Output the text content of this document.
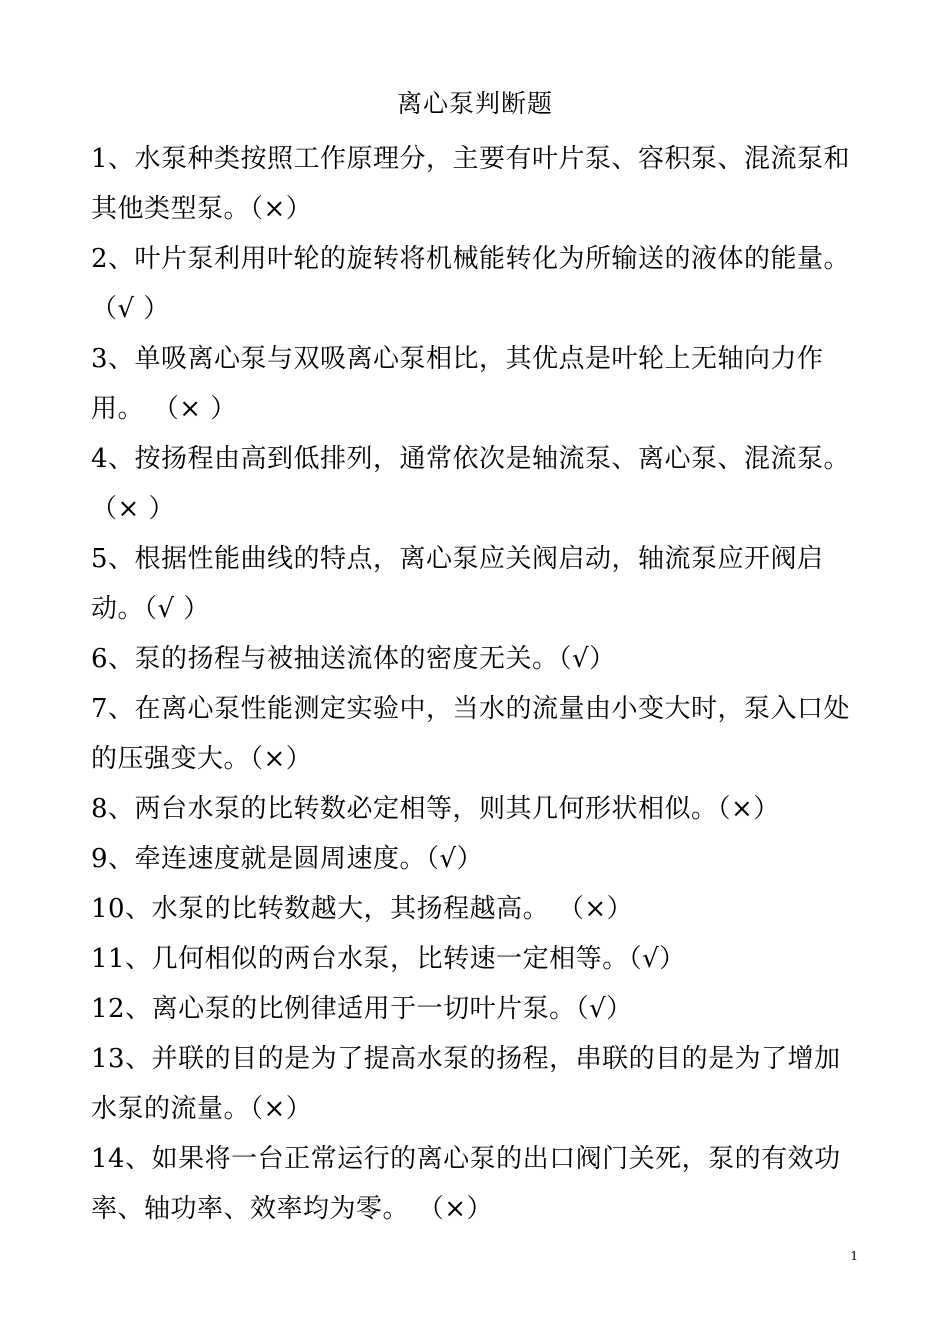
离心泵判断题

1、水泵种类按照工作原理分，主要有叶片泵、容积泵、混流泵和其他类型泵。（×）

2、叶片泵利用叶轮的旋转将机械能转化为所输送的液体的能量。（√ ）

3、单吸离心泵与双吸离心泵相比，其优点是叶轮上无轴向力作用。 （× ）

4、按扬程由高到低排列，通常依次是轴流泵、离心泵、混流泵。（× ）

5、根据性能曲线的特点，离心泵应关阀启动，轴流泵应开阀启动。（√ ）

6、泵的扬程与被抽送流体的密度无关。（√）

7、在离心泵性能测定实验中，当水的流量由小变大时，泵入口处的压强变大。（×）

8、两台水泵的比转数必定相等，则其几何形状相似。（×）

9、牵连速度就是圆周速度。（√）

10、水泵的比转数越大，其扬程越高。 （×）

11、几何相似的两台水泵，比转速一定相等。（√）

12、离心泵的比例律适用于一切叶片泵。（√）

13、并联的目的是为了提高水泵的扬程，串联的目的是为了增加水泵的流量。（×）

14、如果将一台正常运行的离心泵的出口阀门关死，泵的有效功率、轴功率、效率均为零。 （×）

1
